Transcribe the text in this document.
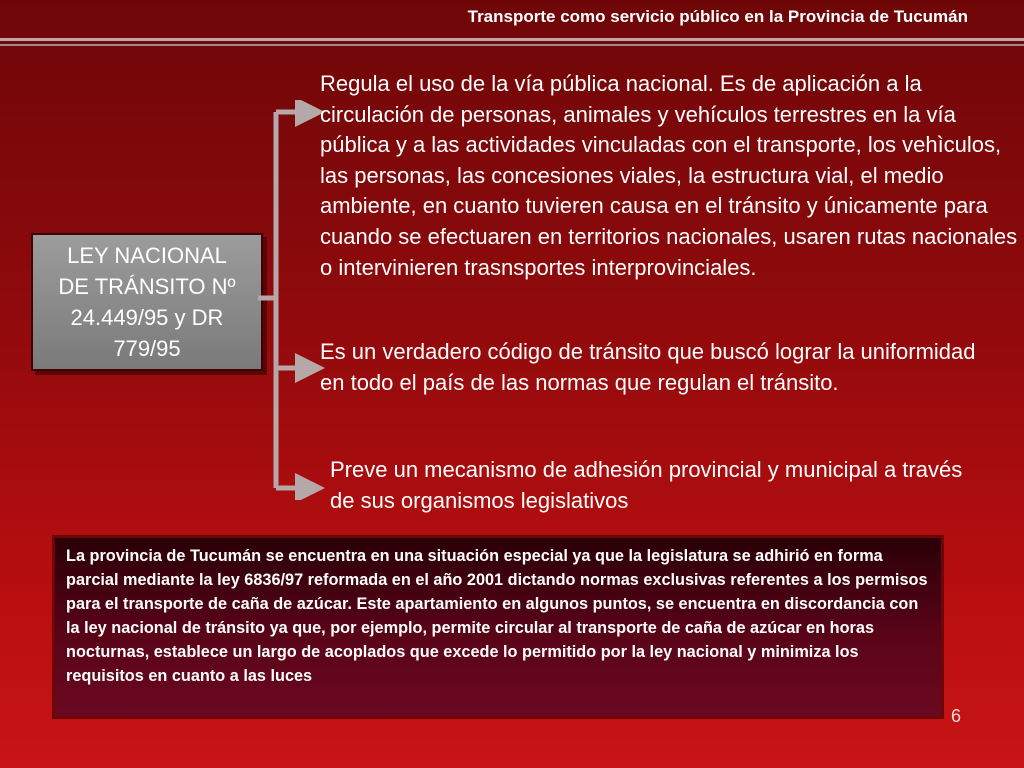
Transporte como servicio público en la Provincia de Tucumán
LEY NACIONAL
DE TRÁNSITO Nº
24.449/95 y DR
779/95
Regula el uso de la vía pública nacional. Es de aplicación a la circulación de personas, animales y vehículos terrestres en la vía pública y a las actividades vinculadas con el transporte, los vehìculos, las personas, las concesiones viales, la estructura vial, el medio ambiente, en cuanto tuvieren causa en el tránsito y únicamente para cuando se efectuaren en territorios nacionales, usaren rutas nacionales o intervinieren trasnsportes interprovinciales.
Es un verdadero código de tránsito que buscó lograr la uniformidad en todo el país de las normas que regulan el tránsito.
Preve un mecanismo de adhesión provincial y municipal a través de sus organismos legislativos
La provincia de Tucumán se encuentra en una situación especial ya que la legislatura se adhirió en forma parcial mediante la ley 6836/97 reformada en el año 2001 dictando normas exclusivas referentes a los permisos para el transporte de caña de azúcar. Este apartamiento en algunos puntos, se encuentra en discordancia con la ley nacional de tránsito ya que, por ejemplo, permite circular al transporte de caña de azúcar en horas nocturnas, establece un largo de acoplados que excede lo permitido por la ley nacional y minimiza los requisitos en cuanto a las luces
6
